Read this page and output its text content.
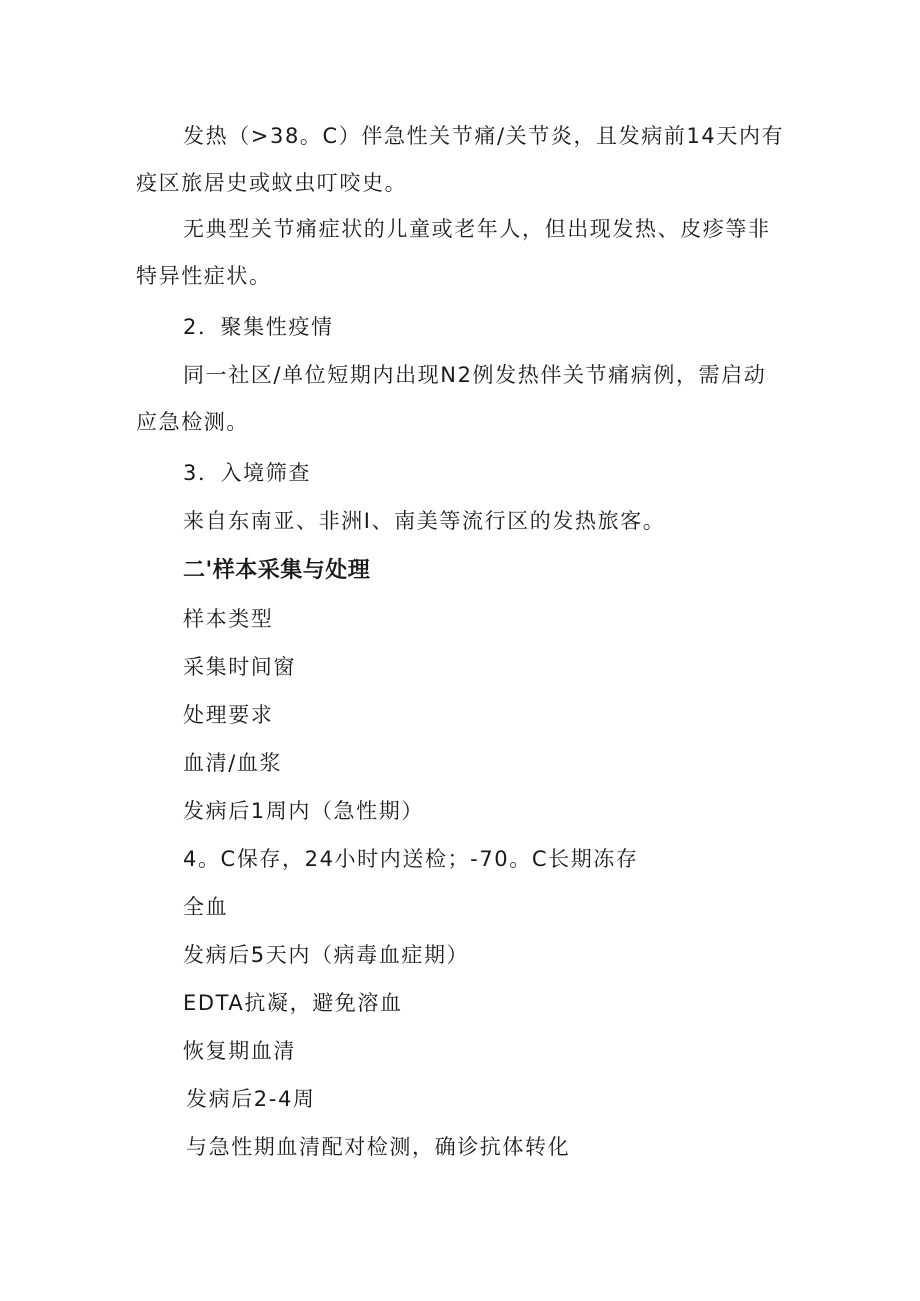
发热（>38。C）伴急性关节痛/关节炎，且发病前14天内有
疫区旅居史或蚊虫叮咬史。
无典型关节痛症状的儿童或老年人，但出现发热、皮疹等非
特异性症状。
2．聚集性疫情
同一社区/单位短期内出现N2例发热伴关节痛病例，需启动
应急检测。
3．入境筛查
来自东南亚、非洲I、南美等流行区的发热旅客。
二'样本采集与处理
样本类型
采集时间窗
处理要求
血清/血浆
发病后1周内（急性期）
4。C保存，24小时内送检；-70。C长期冻存
全血
发病后5天内（病毒血症期）
EDTA抗凝，避免溶血
恢复期血清
发病后2-4周
与急性期血清配对检测，确诊抗体转化
